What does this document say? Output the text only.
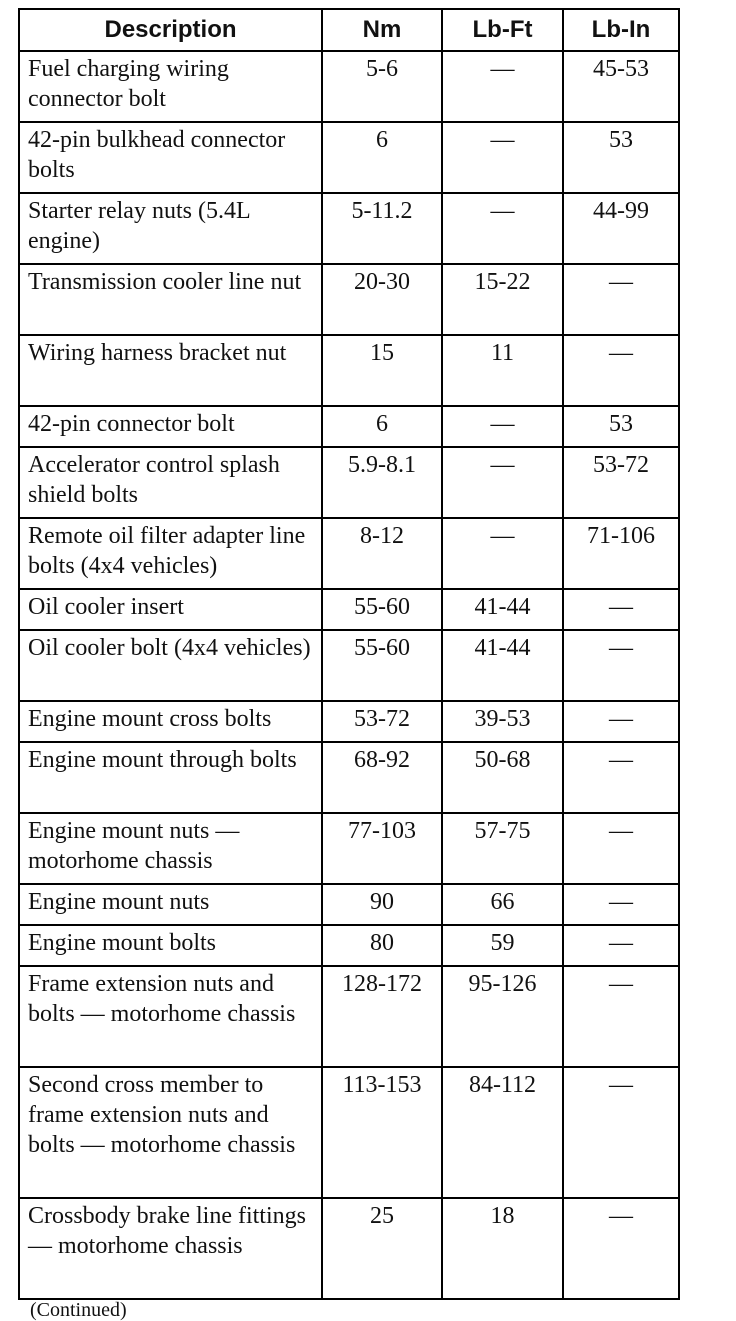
Description	Nm	Lb-Ft	Lb-In
Fuel charging wiring connector bolt	5-6	—	45-53
42-pin bulkhead connector bolts	6	—	53
Starter relay nuts (5.4L engine)	5-11.2	—	44-99
Transmission cooler line nut	20-30	15-22	—
Wiring harness bracket nut	15	11	—
42-pin connector bolt	6	—	53
Accelerator control splash shield bolts	5.9-8.1	—	53-72
Remote oil filter adapter line bolts (4x4 vehicles)	8-12	—	71-106
Oil cooler insert	55-60	41-44	—
Oil cooler bolt (4x4 vehicles)	55-60	41-44	—
Engine mount cross bolts	53-72	39-53	—
Engine mount through bolts	68-92	50-68	—
Engine mount nuts — motorhome chassis	77-103	57-75	—
Engine mount nuts	90	66	—
Engine mount bolts	80	59	—
Frame extension nuts and bolts — motorhome chassis	128-172	95-126	—
Second cross member to frame extension nuts and bolts — motorhome chassis	113-153	84-112	—
Crossbody brake line fittings — motorhome chassis	25	18	—
(Continued)
